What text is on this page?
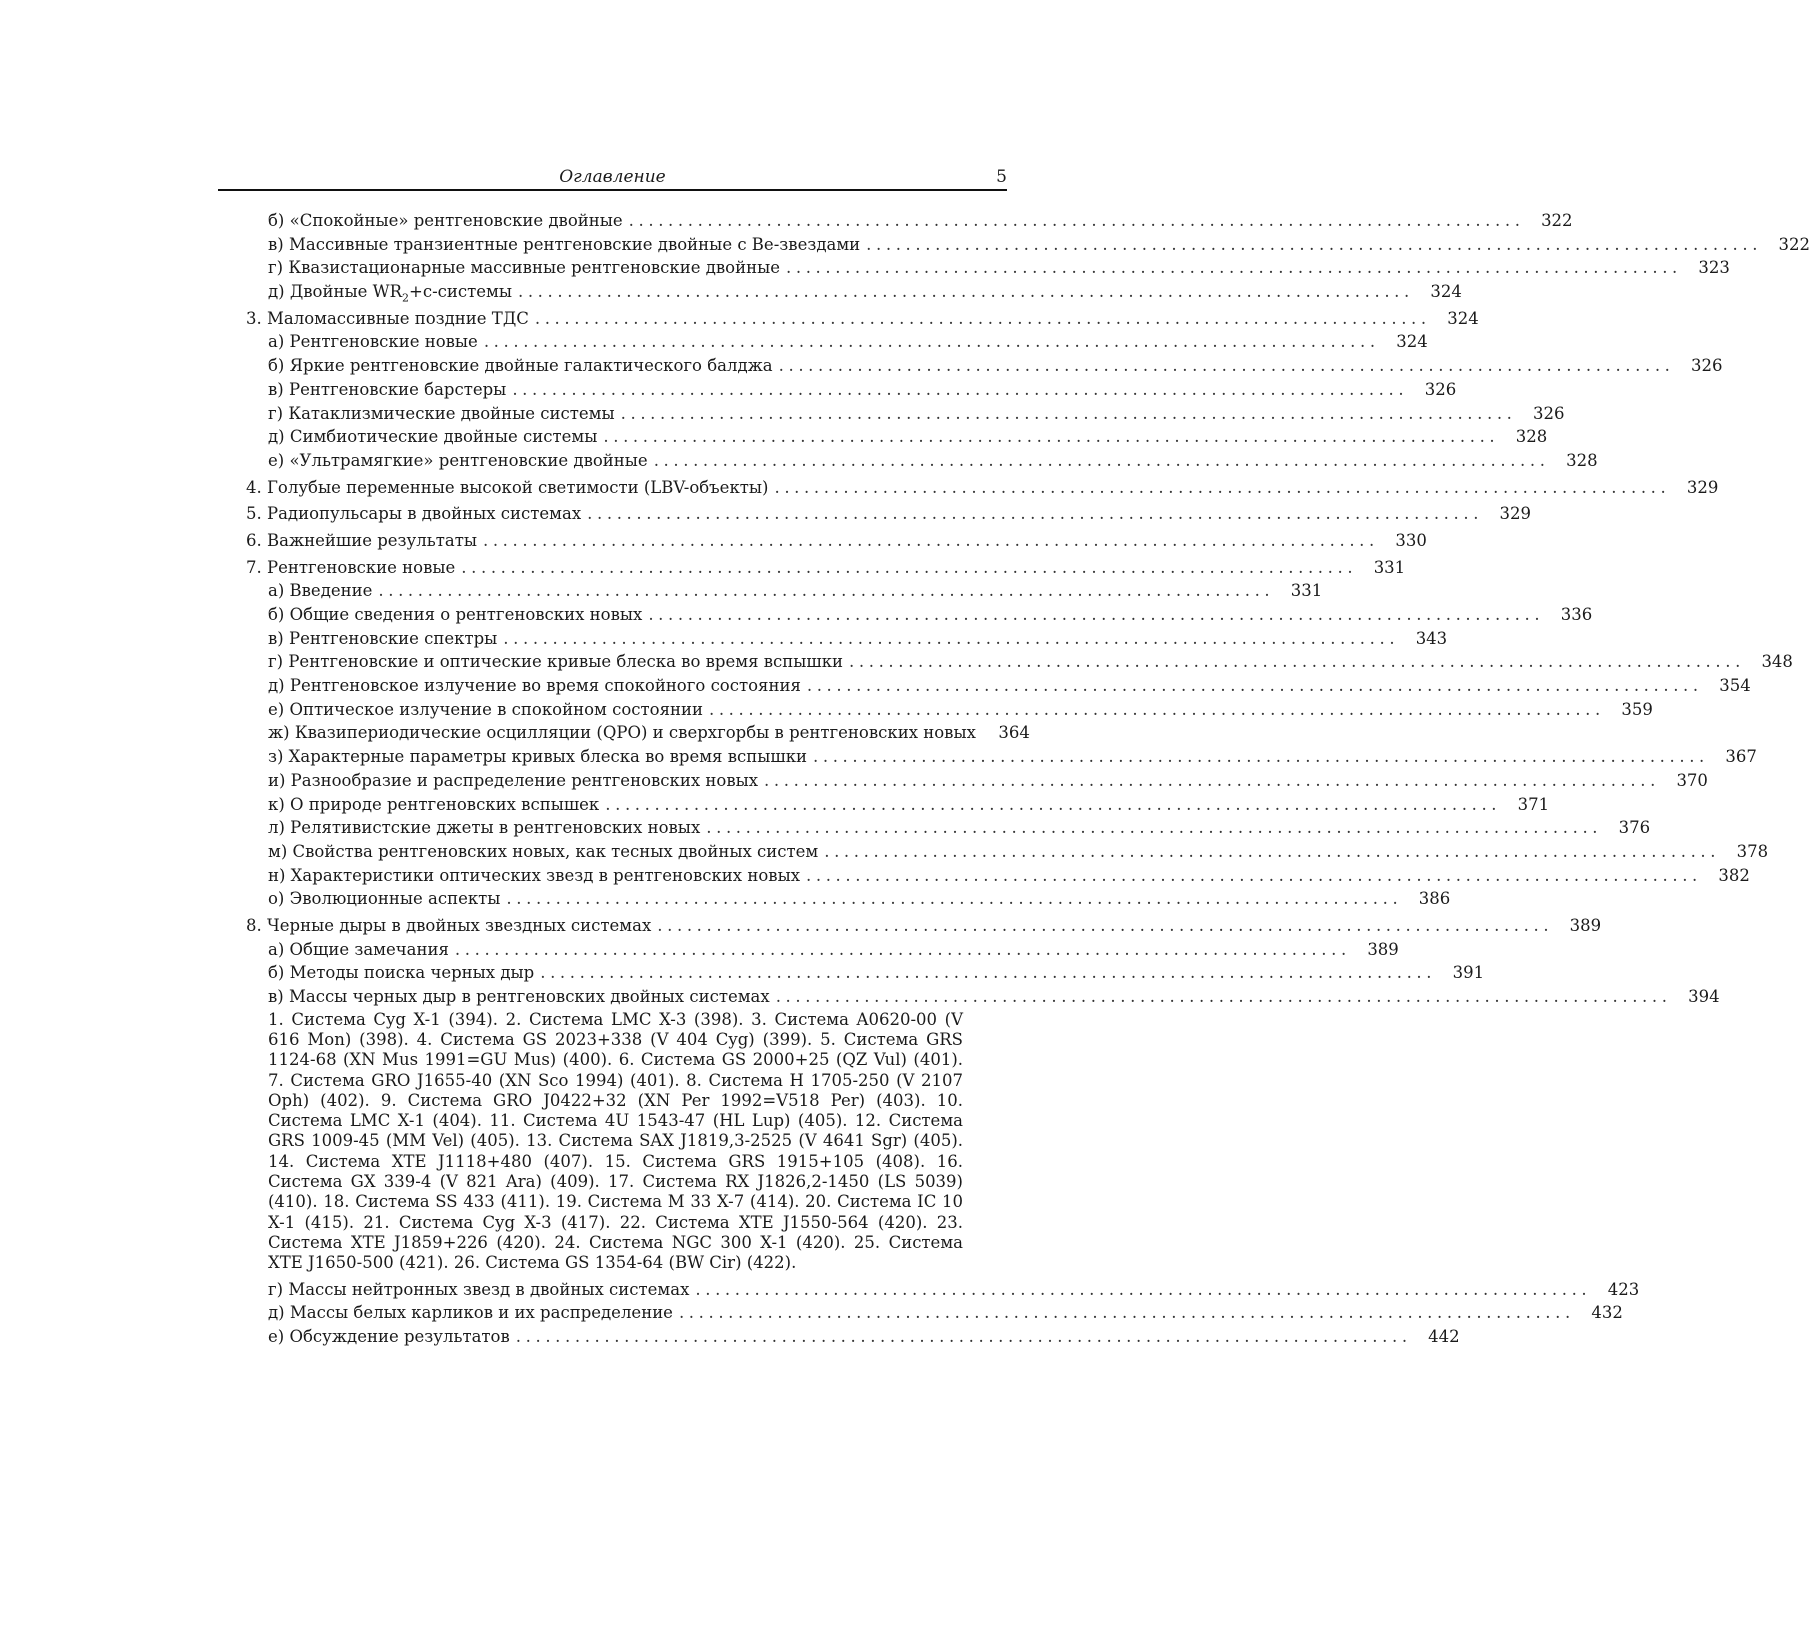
Оглавление	5
б) «Спокойные» рентгеновские двойные ...........................................................................................	322
в) Массивные транзиентные рентгеновские двойные с Be-звездами ...........................................................................................	322
г) Квазистационарные массивные рентгеновские двойные ...........................................................................................	323
д) Двойные $WR_2+c$-системы ...........................................................................................	324
3. Маломассивные поздние ТДС ...........................................................................................	324
а) Рентгеновские новые ...........................................................................................	324
б) Яркие рентгеновские двойные галактического балджа ...........................................................................................	326
в) Рентгеновские барстеры ...........................................................................................	326
г) Катаклизмические двойные системы ...........................................................................................	326
д) Симбиотические двойные системы ...........................................................................................	328
е) «Ультрамягкие» рентгеновские двойные ...........................................................................................	328
4. Голубые переменные высокой светимости (LBV-объекты) ...........................................................................................	329
5. Радиопульсары в двойных системах ...........................................................................................	329
6. Важнейшие результаты ...........................................................................................	330
7. Рентгеновские новые ...........................................................................................	331
а) Введение ...........................................................................................	331
б) Общие сведения о рентгеновских новых ...........................................................................................	336
в) Рентгеновские спектры ...........................................................................................	343
г) Рентгеновские и оптические кривые блеска во время вспышки ...........................................................................................	348
д) Рентгеновское излучение во время спокойного состояния ...........................................................................................	354
е) Оптическое излучение в спокойном состоянии ...........................................................................................	359
ж) Квазипериодические осцилляции (QPO) и сверхгорбы в рентгеновских новых	364
з) Характерные параметры кривых блеска во время вспышки ...........................................................................................	367
и) Разнообразие и распределение рентгеновских новых ...........................................................................................	370
к) О природе рентгеновских вспышек ...........................................................................................	371
л) Релятивистские джеты в рентгеновских новых ...........................................................................................	376
м) Свойства рентгеновских новых, как тесных двойных систем ...........................................................................................	378
н) Характеристики оптических звезд в рентгеновских новых ...........................................................................................	382
о) Эволюционные аспекты ...........................................................................................	386
8. Черные дыры в двойных звездных системах ...........................................................................................	389
а) Общие замечания ...........................................................................................	389
б) Методы поиска черных дыр ...........................................................................................	391
в) Массы черных дыр в рентгеновских двойных системах ...........................................................................................	394
1. Система Cyg X-1 (394). 2. Система LMC X-3 (398). 3. Система A0620-00 (V 616 Mon) (398). 4. Система GS 2023+338 (V 404 Cyg) (399). 5. Система GRS 1124-68 (XN Mus 1991=GU Mus) (400). 6. Система GS 2000+25 (QZ Vul) (401). 7. Система GRO J1655-40 (XN Sco 1994) (401). 8. Система H 1705-250 (V 2107 Oph) (402). 9. Система GRO J0422+32 (XN Per 1992=V518 Per) (403). 10. Система LMC X-1 (404). 11. Система 4U 1543-47 (HL Lup) (405). 12. Система GRS 1009-45 (MM Vel) (405). 13. Система SAX J1819,3-2525 (V 4641 Sgr) (405). 14. Система XTE J1118+480 (407). 15. Система GRS 1915+105 (408). 16. Система GX 339-4 (V 821 Ara) (409). 17. Система RX J1826,2-1450 (LS 5039) (410). 18. Система SS 433 (411). 19. Система M 33 X-7 (414). 20. Система IC 10 X-1 (415). 21. Система Cyg X-3 (417). 22. Система XTE J1550-564 (420). 23. Система XTE J1859+226 (420). 24. Система NGC 300 X-1 (420). 25. Система XTE J1650-500 (421). 26. Система GS 1354-64 (BW Cir) (422).
г) Массы нейтронных звезд в двойных системах ...........................................................................................	423
д) Массы белых карликов и их распределение ...........................................................................................	432
е) Обсуждение результатов ...........................................................................................	442
